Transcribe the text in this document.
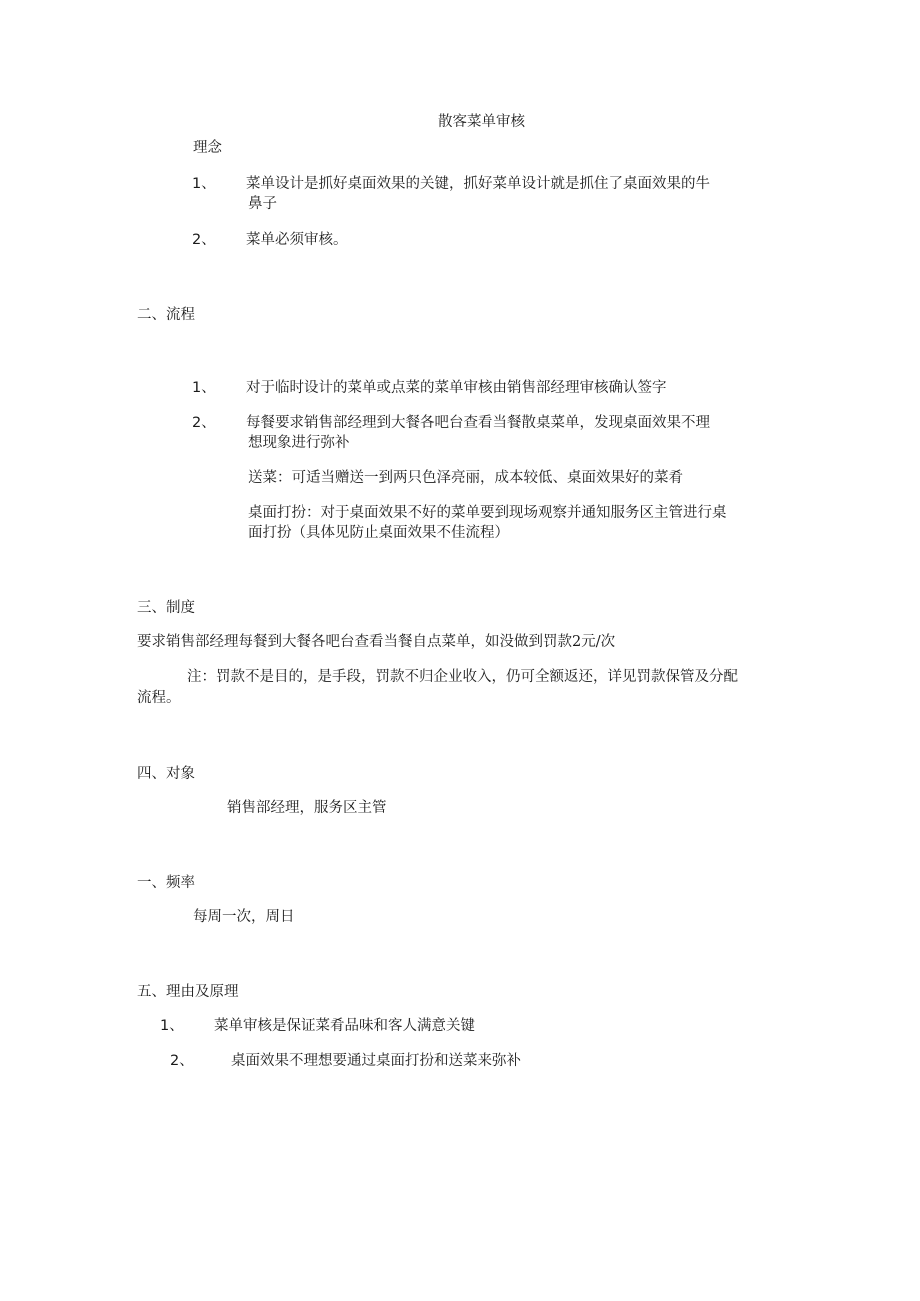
散客菜单审核
理念
1、 菜单设计是抓好桌面效果的关键，抓好菜单设计就是抓住了桌面效果的牛
鼻子
2、 菜单必须审核。
二、流程
1、 对于临时设计的菜单或点菜的菜单审核由销售部经理审核确认签字
2、 每餐要求销售部经理到大餐各吧台查看当餐散桌菜单，发现桌面效果不理
想现象进行弥补
送菜：可适当赠送一到两只色泽亮丽，成本较低、桌面效果好的菜肴
桌面打扮：对于桌面效果不好的菜单要到现场观察并通知服务区主管进行桌
面打扮（具体见防止桌面效果不佳流程）
三、制度
要求销售部经理每餐到大餐各吧台查看当餐自点菜单，如没做到罚款2元/次
注：罚款不是目的，是手段，罚款不归企业收入，仍可全额返还，详见罚款保管及分配
流程。
四、对象
销售部经理，服务区主管
一、频率
每周一次，周日
五、理由及原理
1、 菜单审核是保证菜肴品味和客人满意关键
2、	桌面效果不理想要通过桌面打扮和送菜来弥补
